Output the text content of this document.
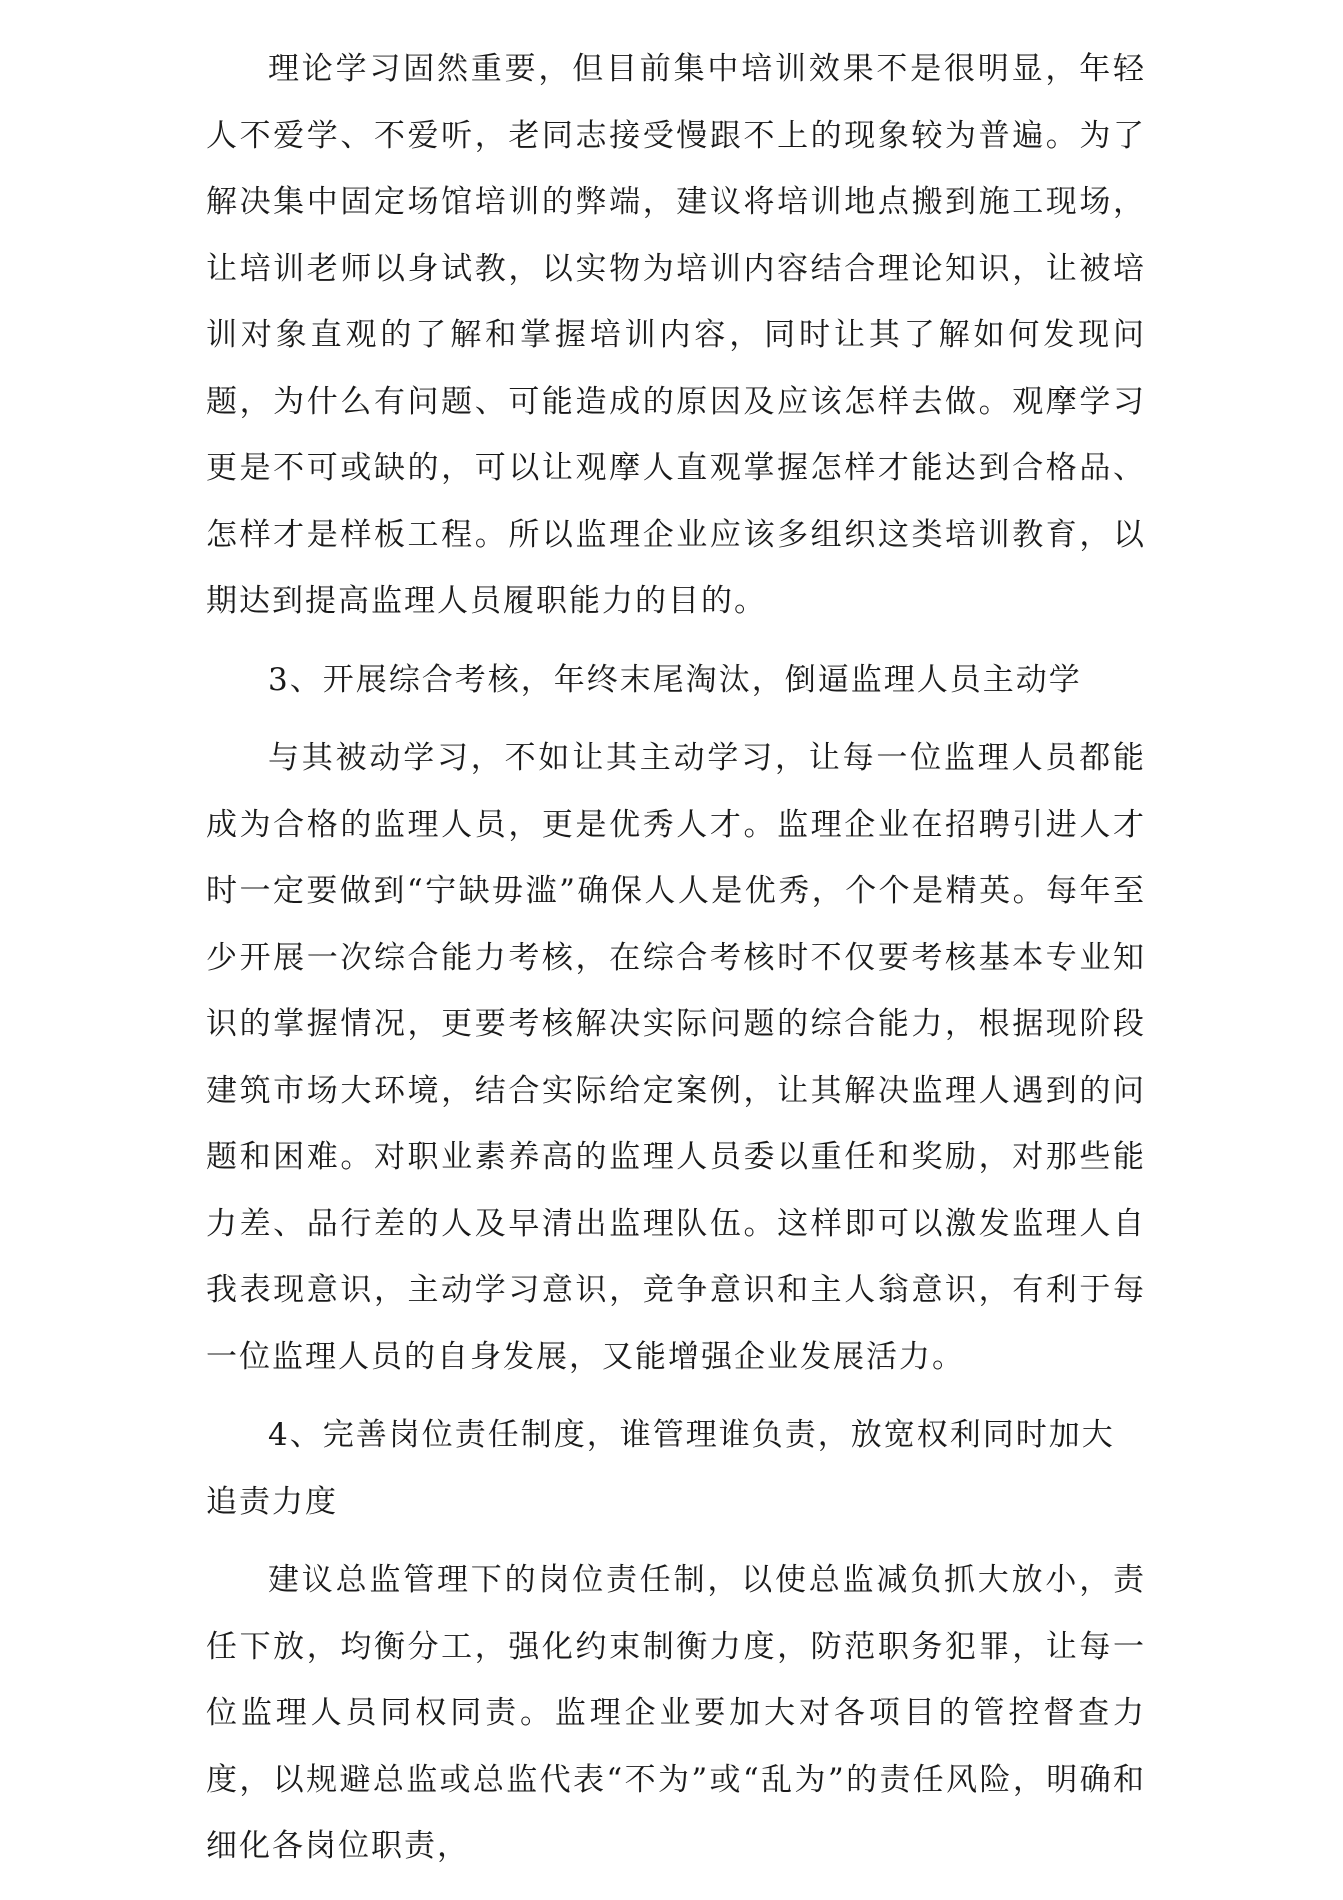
理论学习固然重要，但目前集中培训效果不是很明显，年轻人不爱学、不爱听，老同志接受慢跟不上的现象较为普遍。为了解决集中固定场馆培训的弊端，建议将培训地点搬到施工现场，让培训老师以身试教，以实物为培训内容结合理论知识，让被培训对象直观的了解和掌握培训内容，同时让其了解如何发现问题，为什么有问题、可能造成的原因及应该怎样去做。观摩学习更是不可或缺的，可以让观摩人直观掌握怎样才能达到合格品、怎样才是样板工程。所以监理企业应该多组织这类培训教育，以期达到提高监理人员履职能力的目的。

3、开展综合考核，年终末尾淘汰，倒逼监理人员主动学

与其被动学习，不如让其主动学习，让每一位监理人员都能成为合格的监理人员，更是优秀人才。监理企业在招聘引进人才时一定要做到“宁缺毋滥”确保人人是优秀，个个是精英。每年至少开展一次综合能力考核，在综合考核时不仅要考核基本专业知识的掌握情况，更要考核解决实际问题的综合能力，根据现阶段建筑市场大环境，结合实际给定案例，让其解决监理人遇到的问题和困难。对职业素养高的监理人员委以重任和奖励，对那些能力差、品行差的人及早清出监理队伍。这样即可以激发监理人自我表现意识，主动学习意识，竞争意识和主人翁意识，有利于每一位监理人员的自身发展，又能增强企业发展活力。

4、完善岗位责任制度，谁管理谁负责，放宽权利同时加大追责力度

建议总监管理下的岗位责任制，以使总监减负抓大放小，责任下放，均衡分工，强化约束制衡力度，防范职务犯罪，让每一位监理人员同权同责。监理企业要加大对各项目的管控督查力度，以规避总监或总监代表“不为”或“乱为”的责任风险，明确和细化各岗位职责，
